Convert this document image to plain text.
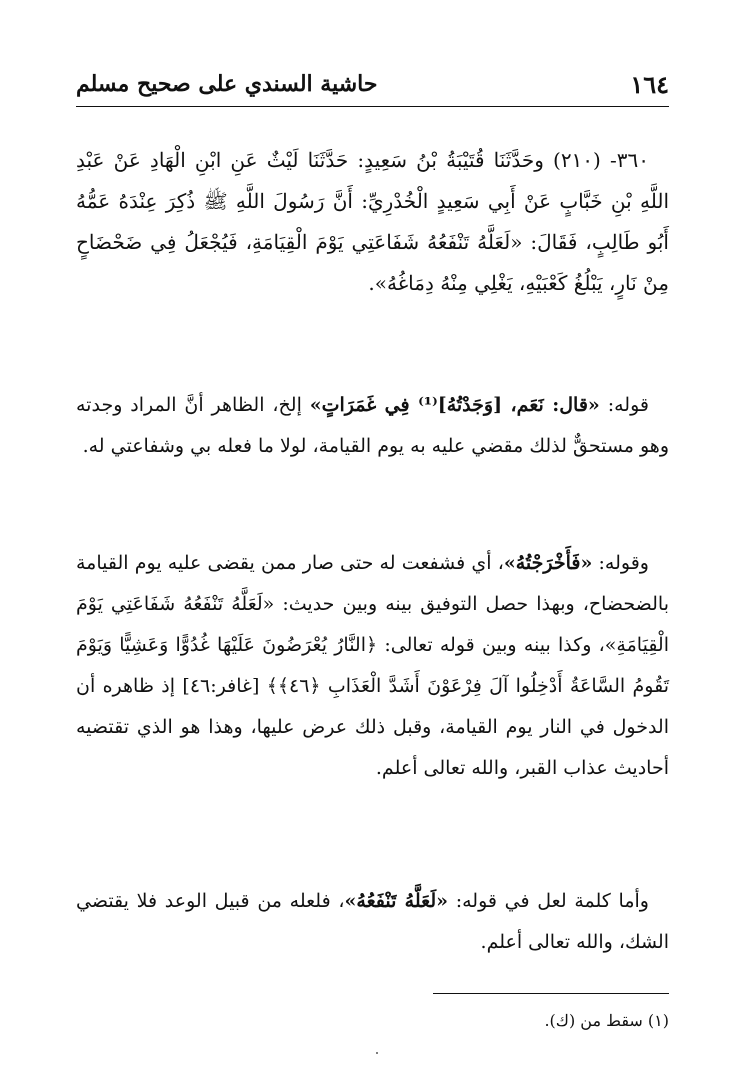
١٦٤
حاشية السندي على صحيح مسلم
٣٦٠- (٢١٠) وحَدَّثَنَا قُتَيْبَةُ بْنُ سَعِيدٍ: حَدَّثَنَا لَيْثٌ عَنِ ابْنِ الْهَادِ عَنْ عَبْدِ اللَّهِ بْنِ خَبَّابٍ عَنْ أَبِي سَعِيدٍ الْخُدْرِيِّ: أَنَّ رَسُولَ اللَّهِ ﷺ ذُكِرَ عِنْدَهُ عَمُّهُ أَبُو طَالِبٍ، فَقَالَ: «لَعَلَّهُ تَنْفَعُهُ شَفَاعَتِي يَوْمَ الْقِيَامَةِ، فَيُجْعَلُ فِي ضَحْضَاحٍ مِنْ نَارٍ، يَبْلُغُ كَعْبَيْهِ، يَغْلِي مِنْهُ دِمَاغُهُ».

قوله: «قال: نَعَم، [وَجَدْتُهُ]⁽¹⁾ فِي غَمَرَاتٍ» إلخ، الظاهر أنَّ المراد وجدته وهو مستحقٌّ لذلك مقضي عليه به يوم القيامة، لولا ما فعله بي وشفاعتي له.

وقوله: «فَأَخْرَجْتُهُ»، أي فشفعت له حتى صار ممن يقضى عليه يوم القيامة بالضحضاح، وبهذا حصل التوفيق بينه وبين حديث: «لَعَلَّهُ تَنْفَعُهُ شَفَاعَتِي يَوْمَ الْقِيَامَةِ»، وكذا بينه وبين قوله تعالى: ﴿النَّارُ يُعْرَضُونَ عَلَيْهَا غُدُوًّا وَعَشِيًّا وَيَوْمَ تَقُومُ السَّاعَةُ أَدْخِلُوا آلَ فِرْعَوْنَ أَشَدَّ الْعَذَابِ ﴿٤٦﴾﴾ [غافر:٤٦] إذ ظاهره أن الدخول في النار يوم القيامة، وقبل ذلك عرض عليها، وهذا هو الذي تقتضيه أحاديث عذاب القبر، والله تعالى أعلم.

وأما كلمة لعل في قوله: «لَعَلَّهُ تَنْفَعُهُ»، فلعله من قبيل الوعد فلا يقتضي الشك، والله تعالى أعلم.

(١) سقط من (ك).
